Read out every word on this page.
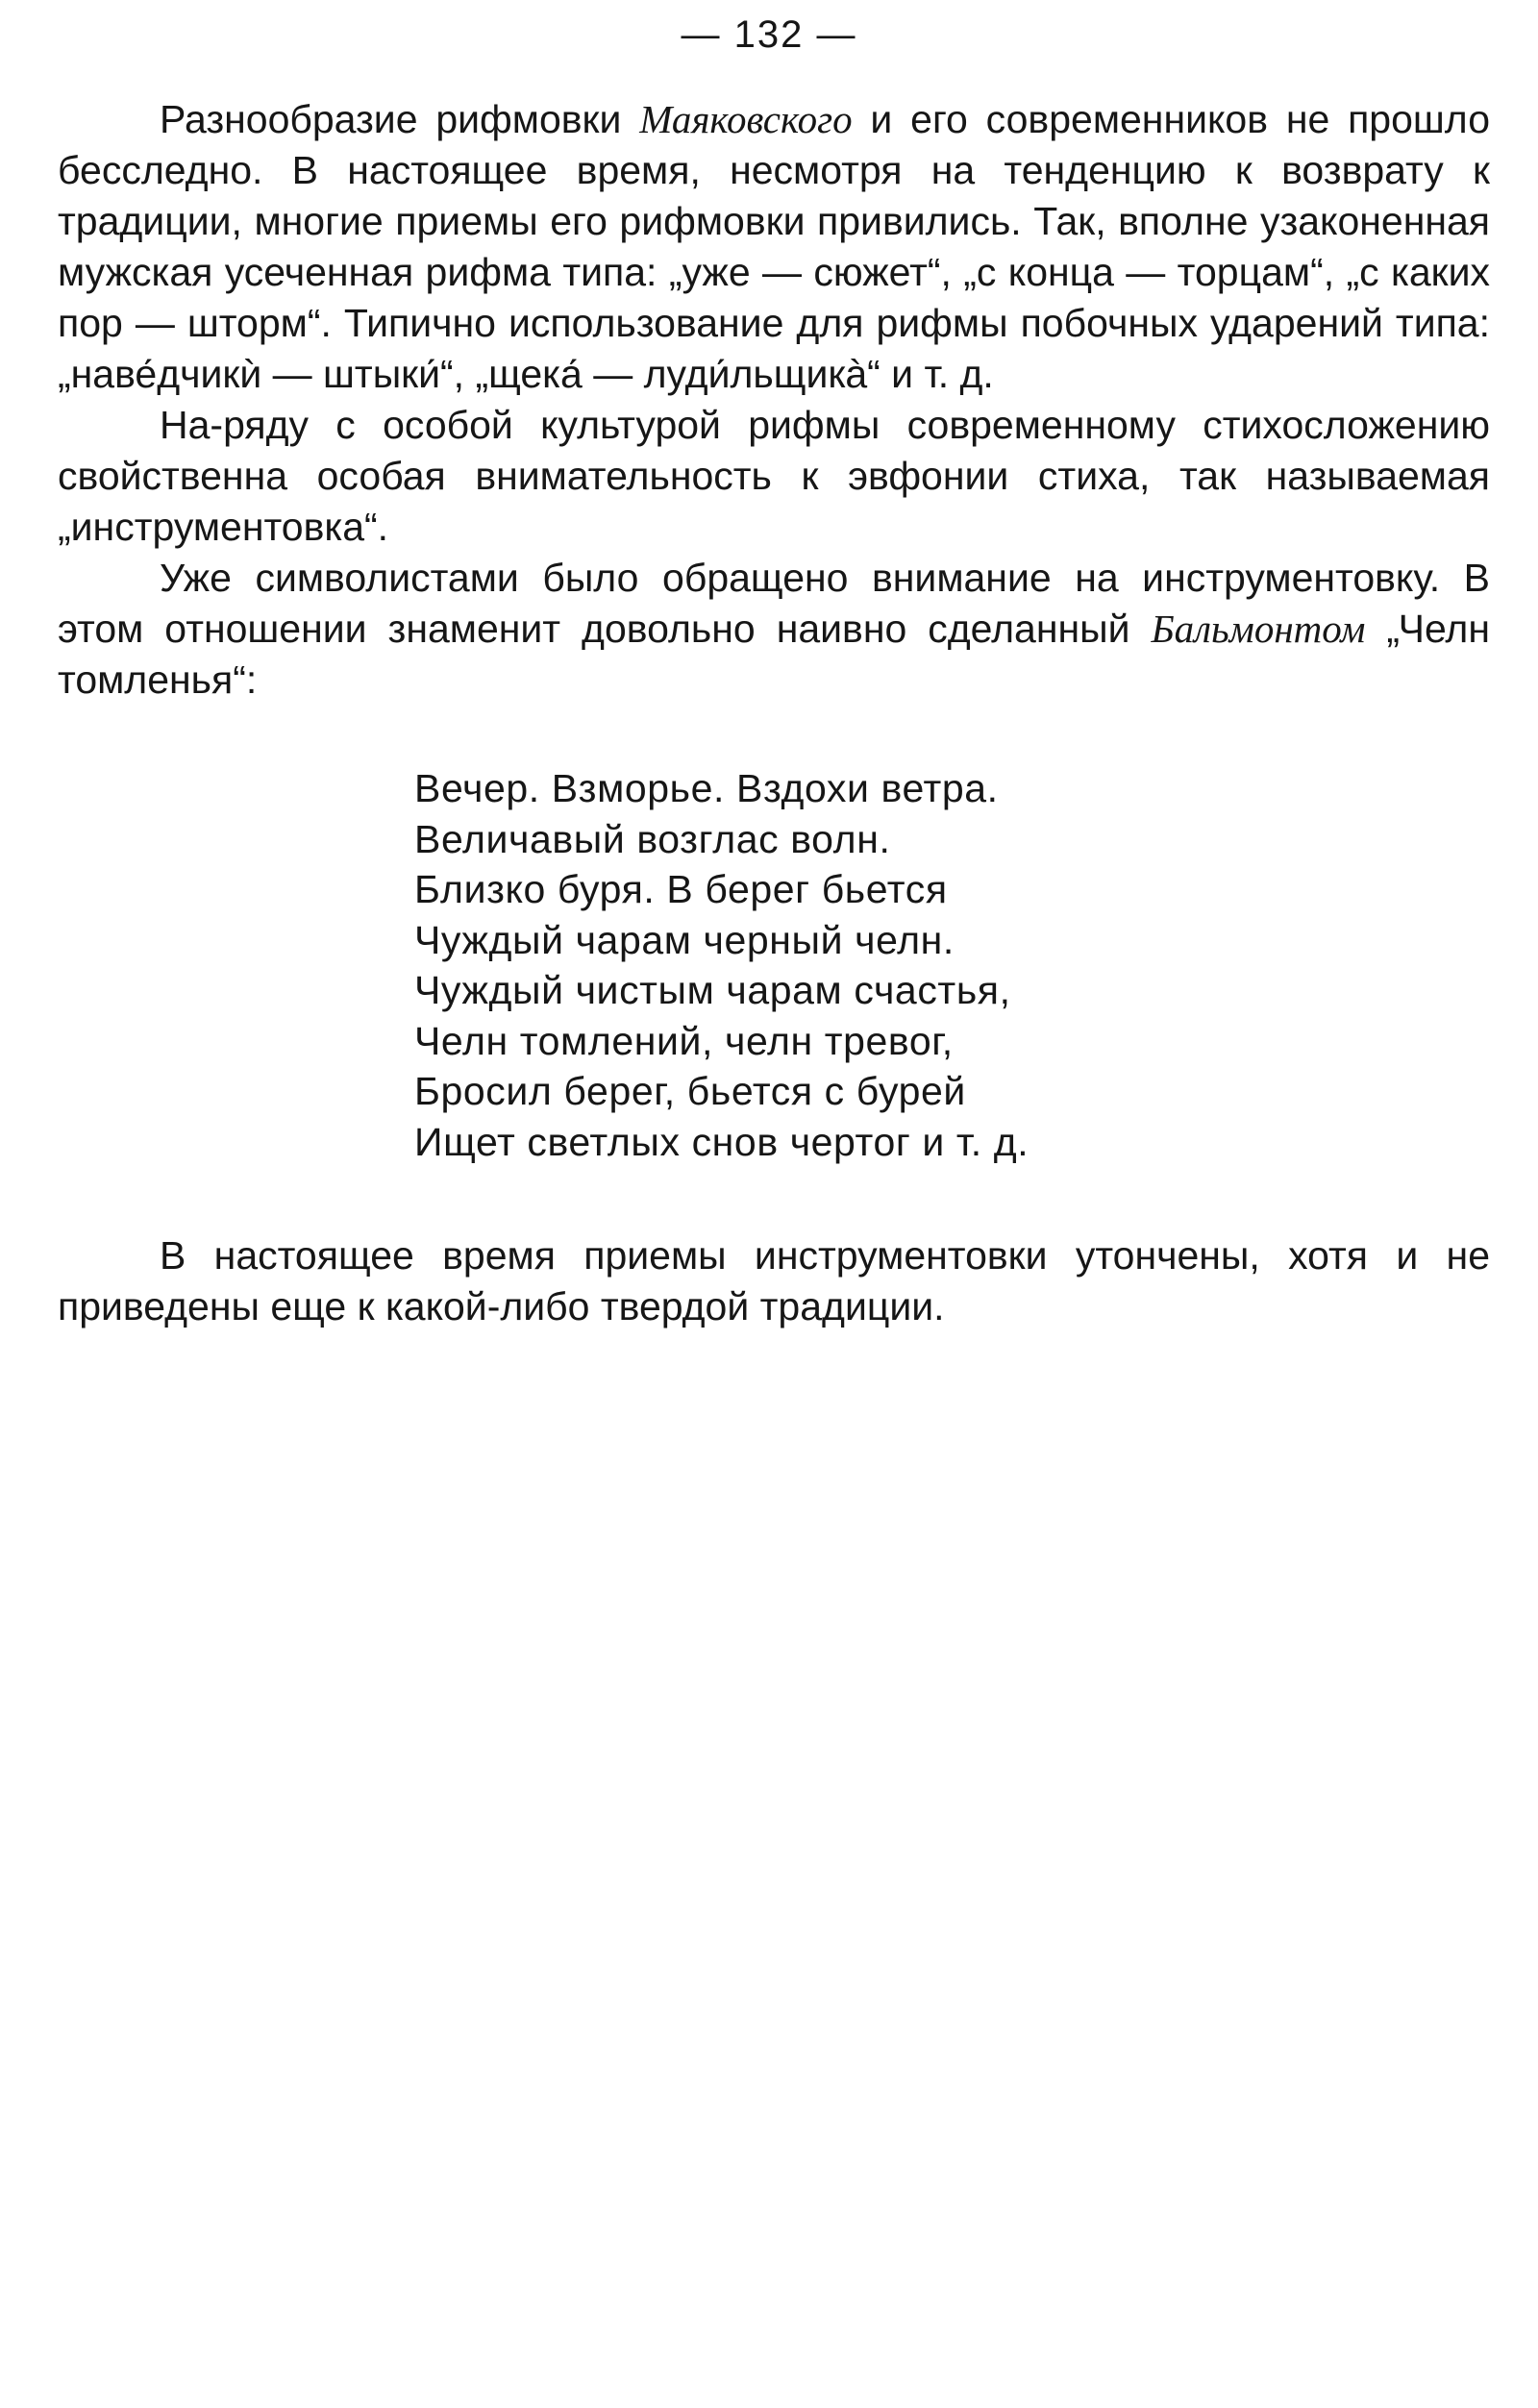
— 132 —

Разнообразие рифмовки Маяковского и его современников не прошло бесследно. В настоящее время, несмотря на тенденцию к возврату к традиции, многие приемы его рифмовки привились. Так, вполне узаконенная мужская усеченная рифма типа: „уже — сюжет“, „с конца — торцам“, „с каких пор — шторм“. Типично использование для рифмы побочных ударений типа: „наве́дчикѝ — штыки́“, „щека́ — луди́льщикà“ и т. д.

На-ряду с особой культурой рифмы современному стихосложению свойственна особая внимательность к эвфонии стиха, так называемая „инструментовка“.

Уже символистами было обращено внимание на инструментовку. В этом отношении знаменит довольно наивно сделанный Бальмонтом „Челн томленья“:

Вечер. Взморье. Вздохи ветра.
Величавый возглас волн.
Близко буря. В берег бьется
Чуждый чарам черный челн.
Чуждый чистым чарам счастья,
Челн томлений, челн тревог,
Бросил берег, бьется с бурей
Ищет светлых снов чертог и т. д.

В настоящее время приемы инструментовки утончены, хотя и не приведены еще к какой-либо твердой традиции.
